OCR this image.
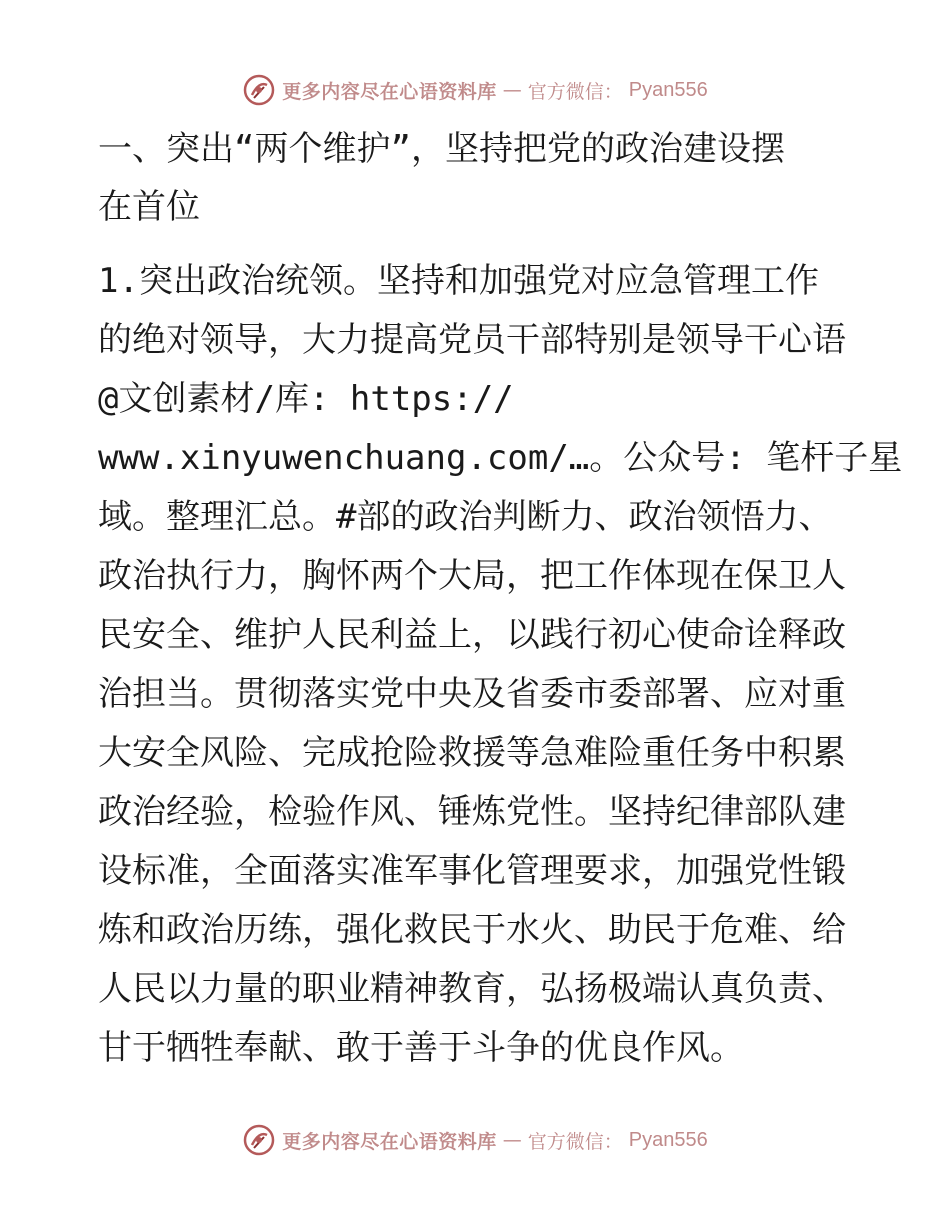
更多内容尽在心语资料库 — 官方微信： Pyan556
一、突出“两个维护”，坚持把党的政治建设摆
在首位

1.突出政治统领。坚持和加强党对应急管理工作
的绝对领导，大力提高党员干部特别是领导干心语
@文创素材/库: https://
www.xinyuwenchuang.com/…。公众号: 笔杆子星
域。整理汇总。#部的政治判断力、政治领悟力、
政治执行力，胸怀两个大局，把工作体现在保卫人
民安全、维护人民利益上，以践行初心使命诠释政
治担当。贯彻落实党中央及省委市委部署、应对重
大安全风险、完成抢险救援等急难险重任务中积累
政治经验，检验作风、锤炼党性。坚持纪律部队建
设标准，全面落实准军事化管理要求，加强党性锻
炼和政治历练，强化救民于水火、助民于危难、给
人民以力量的职业精神教育，弘扬极端认真负责、
甘于牺牲奉献、敢于善于斗争的优良作风。

更多内容尽在心语资料库 — 官方微信： Pyan556
